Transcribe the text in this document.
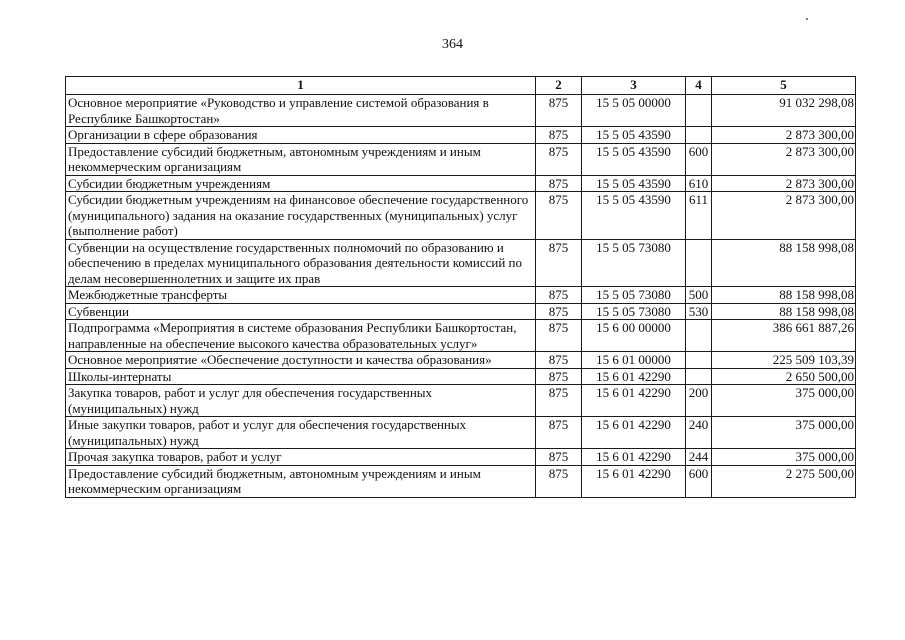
364
1	2	3	4	5
Основное мероприятие «Руководство и управление системой образования в Республике Башкортостан»	875	15 5 05 00000		91 032 298,08
Организации в сфере образования	875	15 5 05 43590		2 873 300,00
Предоставление субсидий бюджетным, автономным учреждениям и иным некоммерческим организациям	875	15 5 05 43590	600	2 873 300,00
Субсидии бюджетным учреждениям	875	15 5 05 43590	610	2 873 300,00
Субсидии бюджетным учреждениям на финансовое обеспечение государственного (муниципального) задания на оказание государственных (муниципальных) услуг (выполнение работ)	875	15 5 05 43590	611	2 873 300,00
Субвенции на осуществление государственных полномочий по образованию и обеспечению в пределах муниципального образования деятельности комиссий по делам несовершеннолетних и защите их прав	875	15 5 05 73080		88 158 998,08
Межбюджетные трансферты	875	15 5 05 73080	500	88 158 998,08
Субвенции	875	15 5 05 73080	530	88 158 998,08
Подпрограмма «Мероприятия в системе образования Республики Башкортостан, направленные на обеспечение высокого качества образовательных услуг»	875	15 6 00 00000		386 661 887,26
Основное мероприятие «Обеспечение доступности и качества образования»	875	15 6 01 00000		225 509 103,39
Школы-интернаты	875	15 6 01 42290		2 650 500,00
Закупка товаров, работ и услуг для обеспечения государственных (муниципальных) нужд	875	15 6 01 42290	200	375 000,00
Иные закупки товаров, работ и услуг для обеспечения государственных (муниципальных) нужд	875	15 6 01 42290	240	375 000,00
Прочая закупка товаров, работ и услуг	875	15 6 01 42290	244	375 000,00
Предоставление субсидий бюджетным, автономным учреждениям и иным некоммерческим организациям	875	15 6 01 42290	600	2 275 500,00
